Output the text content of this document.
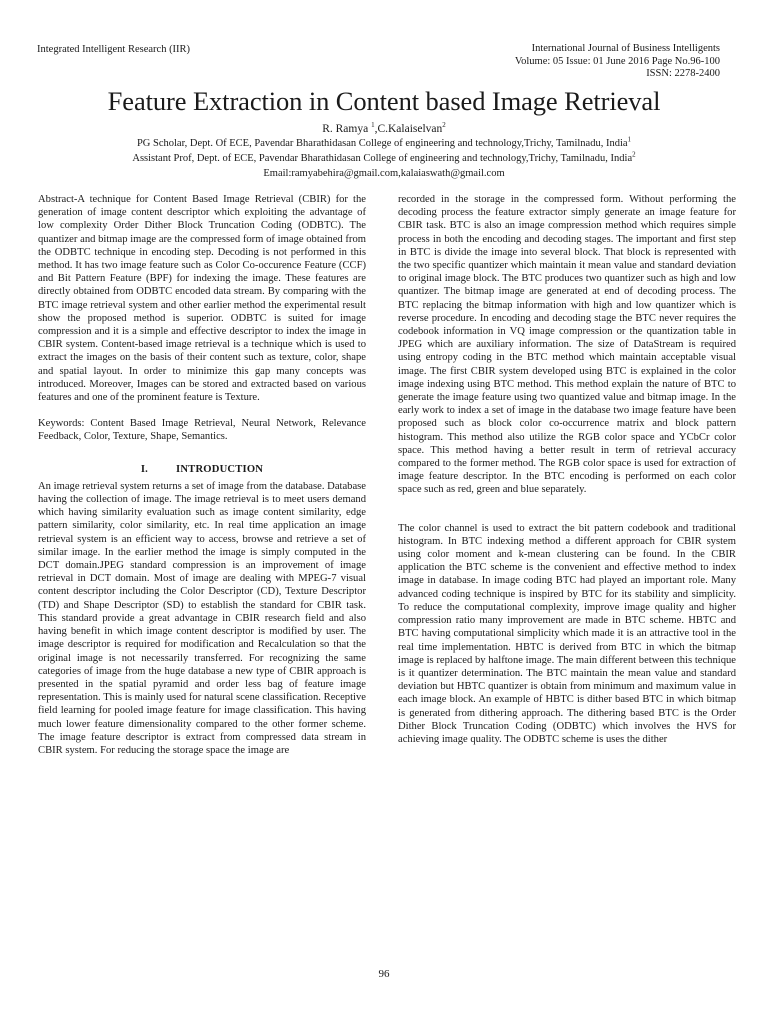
Integrated Intelligent Research (IIR)	International Journal of Business Intelligents
Volume: 05 Issue: 01 June 2016 Page No.96-100
ISSN: 2278-2400
Feature Extraction in Content based Image Retrieval
R. Ramya $^1$,C.Kalaiselvan$^2$
PG Scholar, Dept. Of ECE, Pavendar Bharathidasan College of engineering and technology,Trichy, Tamilnadu, India$^1$
Assistant Prof, Dept. of ECE, Pavendar Bharathidasan College of engineering and technology,Trichy, Tamilnadu, India$^2$
Email:ramyabehira@gmail.com,kalaiaswath@gmail.com

Abstract-A technique for Content Based Image Retrieval (CBIR) for the generation of image content descriptor which exploiting the advantage of low complexity Order Dither Block Truncation Coding (ODBTC). The quantizer and bitmap image are the compressed form of image obtained from the ODBTC technique in encoding step. Decoding is not performed in this method. It has two image feature such as Color Co-occurence Feature (CCF) and Bit Pattern Feature (BPF) for indexing the image. These features are directly obtained from ODBTC encoded data stream. By comparing with the BTC image retrieval system and other earlier method the experimental result show the proposed method is superior. ODBTC is suited for image compression and it is a simple and effective descriptor to index the image in CBIR system. Content-based image retrieval is a technique which is used to extract the images on the basis of their content such as texture, color, shape and spatial layout. In order to minimize this gap many concepts was introduced. Moreover, Images can be stored and extracted based on various features and one of the prominent feature is Texture.

Keywords: Content Based Image Retrieval, Neural Network, Relevance Feedback, Color, Texture, Shape, Semantics.

I.	INTRODUCTION

An image retrieval system returns a set of image from the database. Database having the collection of image. The image retrieval is to meet users demand which having similarity evaluation such as image content similarity, edge pattern similarity, color similarity, etc. In real time application an image retrieval system is an efficient way to access, browse and retrieve a set of similar image. In the earlier method the image is simply computed in the DCT domain.JPEG standard compression is an improvement of image retrieval in DCT domain. Most of image are dealing with MPEG-7 visual content descriptor including the Color Descriptor (CD), Texture Descriptor (TD) and Shape Descriptor (SD) to establish the standard for CBIR task. This standard provide a great advantage in CBIR research field and also having benefit in which image content descriptor is modified by user. The image descriptor is required for modification and Recalculation so that the original image is not necessarily transferred. For recognizing the same categories of image from the huge database a new type of CBIR approach is presented in the spatial pyramid and order less bag of feature image representation. This is mainly used for natural scene classification. Receptive field learning for pooled image feature for image classification. This having much lower feature dimensionality compared to the other former scheme. The image feature descriptor is extract from compressed data stream in CBIR system. For reducing the storage space the image are

recorded in the storage in the compressed form. Without performing the decoding process the feature extractor simply generate an image feature for CBIR task. BTC is also an image compression method which requires simple process in both the encoding and decoding stages. The important and first step in BTC is divide the image into several block. That block is represented with the two specific quantizer which maintain it mean value and standard deviation to original image block. The BTC produces two quantizer such as high and low quantizer. The bitmap image are generated at end of decoding process. The BTC replacing the bitmap information with high and low quantizer which is reverse procedure. In encoding and decoding stage the BTC never requires the codebook information in VQ image compression or the quantization table in JPEG which are auxiliary information. The size of DataStream is required using entropy coding in the BTC method which maintain acceptable visual image. The first CBIR system developed using BTC is explained in the color image indexing using BTC method. This method explain the nature of BTC to generate the image feature using two quantized value and bitmap image. In the early work to index a set of image in the database two image feature have been proposed such as block color co-occurrence matrix and block pattern histogram. This method also utilize the RGB color space and YCbCr color space. This method having a better result in term of retrieval accuracy compared to the former method. The RGB color space is used for extraction of image feature descriptor. In the BTC encoding is performed on each color space such as red, green and blue separately.

The color channel is used to extract the bit pattern codebook and traditional histogram. In BTC indexing method a different approach for CBIR system using color moment and k-mean clustering can be found. In the CBIR application the BTC scheme is the convenient and effective method to index image in database. In image coding BTC had played an important role. Many advanced coding technique is inspired by BTC for its stability and simplicity. To reduce the computational complexity, improve image quality and higher compression ratio many improvement are made in BTC scheme. HBTC and BTC having computational simplicity which made it is an attractive tool in the real time implementation. HBTC is derived from BTC in which the bitmap image is replaced by halftone image. The main different between this technique is it quantizer determination. The BTC maintain the mean value and standard deviation but HBTC quantizer is obtain from minimum and maximum value in each image block. An example of HBTC is dither based BTC in which bitmap is generated from dithering approach. The dithering based BTC is the Order Dither Block Truncation Coding (ODBTC) which involves the HVS for achieving image quality. The ODBTC scheme is uses the dither

96
